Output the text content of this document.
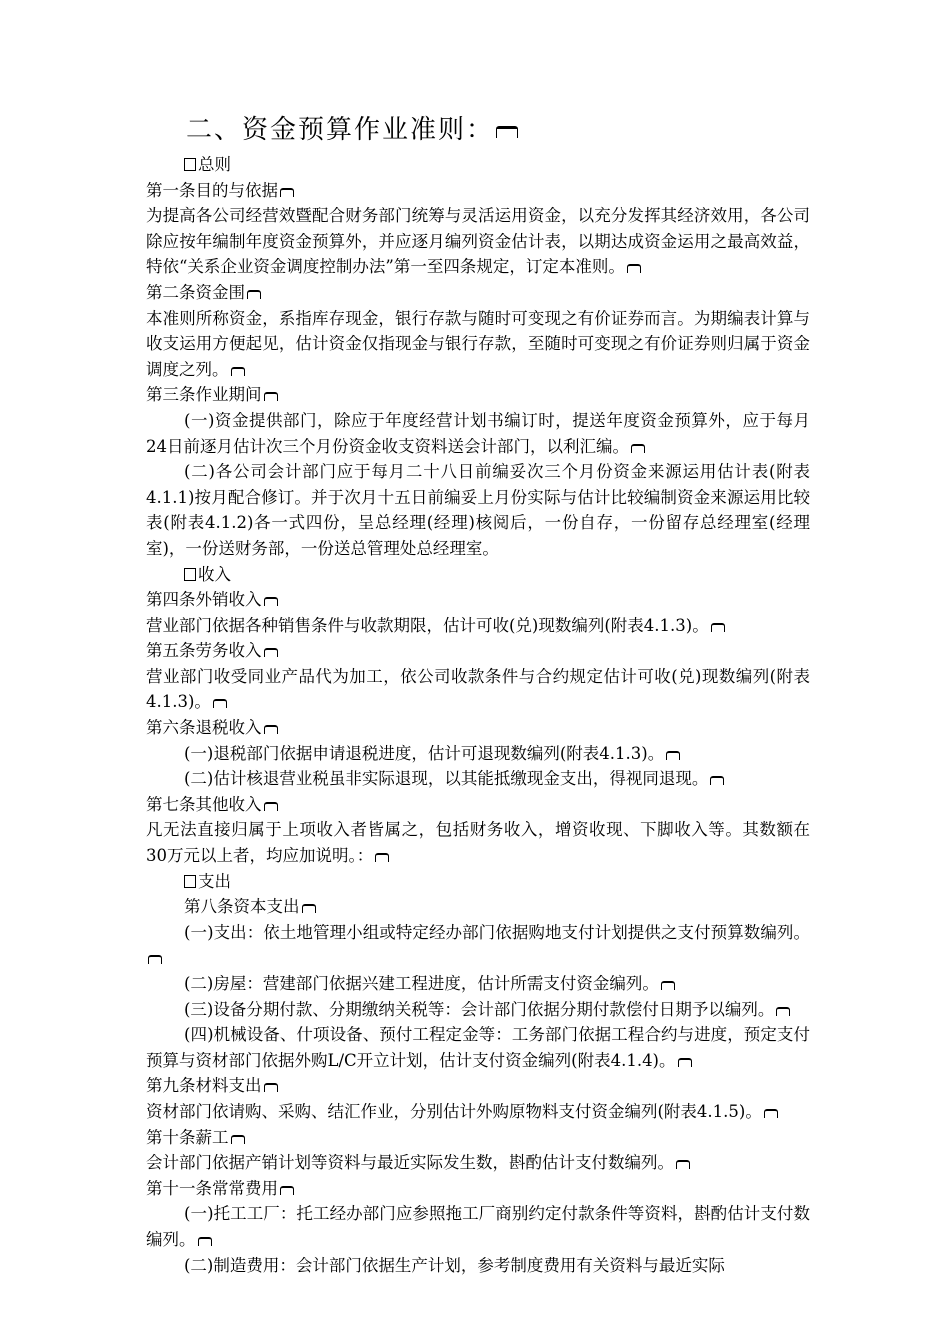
二、资金预算作业准则：
总则
第一条目的与依据
为提高各公司经营效暨配合财务部门统筹与灵活运用资金，以充分发挥其经济效用，各公司除应按年编制年度资金预算外，并应逐月编列资金估计表，以期达成资金运用之最高效益，特依“关系企业资金调度控制办法”第一至四条规定，订定本准则。
第二条资金围
本准则所称资金，系指库存现金，银行存款与随时可变现之有价证券而言。为期编表计算与收支运用方便起见，估计资金仅指现金与银行存款，至随时可变现之有价证券则归属于资金调度之列。
第三条作业期间
(一)资金提供部门，除应于年度经营计划书编订时，提送年度资金预算外，应于每月24日前逐月估计次三个月份资金收支资料送会计部门，以利汇编。
(二)各公司会计部门应于每月二十八日前编妥次三个月份资金来源运用估计表(附表4.1.1)按月配合修订。并于次月十五日前编妥上月份实际与估计比较编制资金来源运用比较表(附表4.1.2)各一式四份，呈总经理(经理)核阅后，一份自存，一份留存总经理室(经理室)，一份送财务部，一份送总管理处总经理室。
收入
第四条外销收入
营业部门依据各种销售条件与收款期限，估计可收(兑)现数编列(附表4.1.3)。
第五条劳务收入
营业部门收受同业产品代为加工，依公司收款条件与合约规定估计可收(兑)现数编列(附表4.1.3)。
第六条退税收入
(一)退税部门依据申请退税进度，估计可退现数编列(附表4.1.3)。
(二)估计核退营业税虽非实际退现，以其能抵缴现金支出，得视同退现。
第七条其他收入
凡无法直接归属于上项收入者皆属之，包括财务收入，增资收现、下脚收入等。其数额在30万元以上者，均应加说明。：
支出
第八条资本支出
(一)支出：依土地管理小组或特定经办部门依据购地支付计划提供之支付预算数编列。
(二)房屋：营建部门依据兴建工程进度，估计所需支付资金编列。
(三)设备分期付款、分期缴纳关税等：会计部门依据分期付款偿付日期予以编列。
(四)机械设备、什项设备、预付工程定金等：工务部门依据工程合约与进度，预定支付预算与资材部门依据外购L/C开立计划，估计支付资金编列(附表4.1.4)。
第九条材料支出
资材部门依请购、采购、结汇作业，分别估计外购原物料支付资金编列(附表4.1.5)。
第十条薪工
会计部门依据产销计划等资料与最近实际发生数，斟酌估计支付数编列。
第十一条常常费用
(一)托工工厂：托工经办部门应参照拖工厂商别约定付款条件等资料，斟酌估计支付数编列。
(二)制造费用：会计部门依据生产计划，参考制度费用有关资料与最近实际
